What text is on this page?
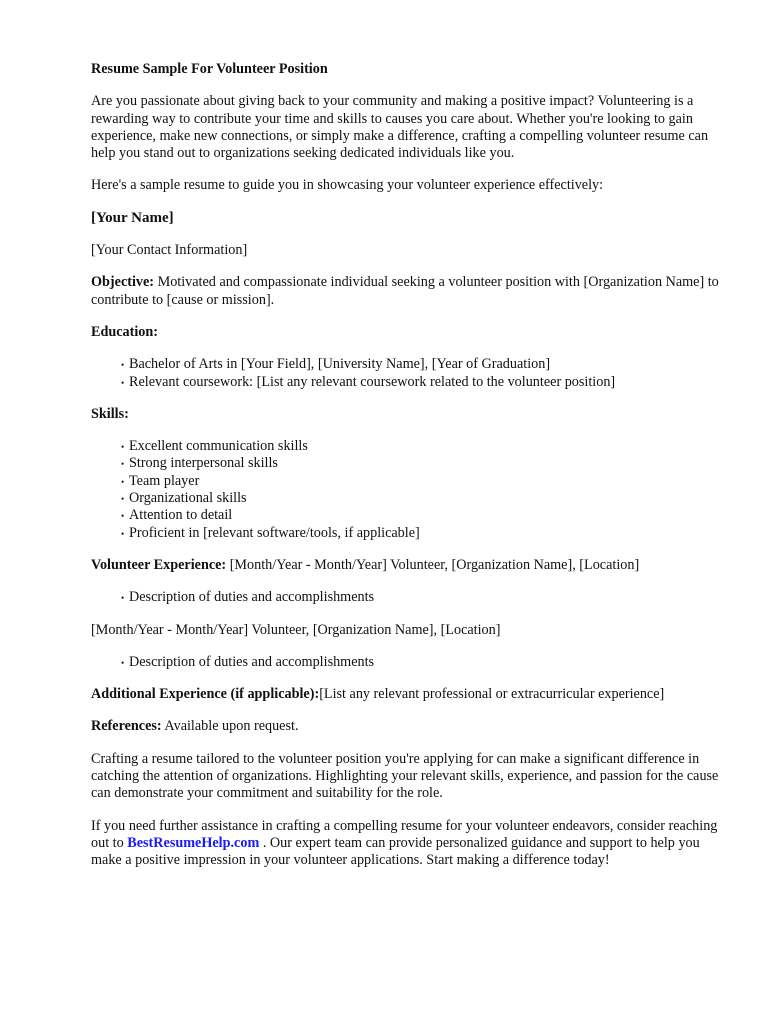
Resume Sample For Volunteer Position

Are you passionate about giving back to your community and making a positive impact? Volunteering is a rewarding way to contribute your time and skills to causes you care about. Whether you're looking to gain experience, make new connections, or simply make a difference, crafting a compelling volunteer resume can help you stand out to organizations seeking dedicated individuals like you.

Here's a sample resume to guide you in showcasing your volunteer experience effectively:

[Your Name]

[Your Contact Information]

Objective: Motivated and compassionate individual seeking a volunteer position with [Organization Name] to contribute to [cause or mission].

Education:
• Bachelor of Arts in [Your Field], [University Name], [Year of Graduation]
• Relevant coursework: [List any relevant coursework related to the volunteer position]
Skills:
• Excellent communication skills
• Strong interpersonal skills
• Team player
• Organizational skills
• Attention to detail
• Proficient in [relevant software/tools, if applicable]

Volunteer Experience: [Month/Year - Month/Year] Volunteer, [Organization Name], [Location]

• Description of duties and accomplishments

[Month/Year - Month/Year] Volunteer, [Organization Name], [Location]

• Description of duties and accomplishments

Additional Experience (if applicable):[List any relevant professional or extracurricular experience]

References: Available upon request.

Crafting a resume tailored to the volunteer position you're applying for can make a significant difference in catching the attention of organizations. Highlighting your relevant skills, experience, and passion for the cause can demonstrate your commitment and suitability for the role.

If you need further assistance in crafting a compelling resume for your volunteer endeavors, consider reaching out to BestResumeHelp.com . Our expert team can provide personalized guidance and support to help you make a positive impression in your volunteer applications. Start making a difference today!
